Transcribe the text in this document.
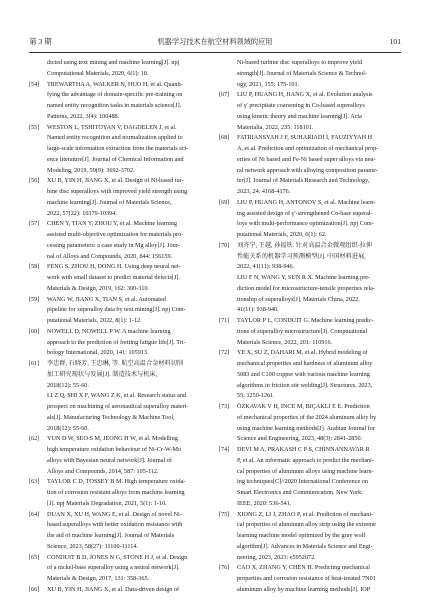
第 3 期	机器学习技术在航空材料领域的应用	101
dicted using text mining and machine learning[J]. npj
Computational Materials, 2020, 6(1): 18.
[54]	TREWARTHA A, WALKER N, HUO H, et al. Quanti-
fying the advantage of domain-specific pre-training on
named entity recognition tasks in materials science[J].
Patterns, 2022, 3(4): 100488.
[55]	WESTON L, TSHITOYAN V, DAGDELEN J, et al.
Named entity recognition and normalization applied to
large-scale information extraction from the materials sci-
ence literature[J]. Journal of Chemical Information and
Modeling, 2019, 59(9): 3692-3702.
[56]	XU B, YIN H, JIANG X, et al. Design of Ni-based tur-
bine disc superalloys with improved yield strength using
machine learning[J]. Journal of Materials Science,
2022, 57(22): 10379-10394.
[57]	CHEN Y, TIAN Y, ZHOU Y, et al. Machine learning
assisted multi-objective optimization for materials pro-
cessing parameters: a case study in Mg alloy[J]. Jour-
nal of Alloys and Compounds, 2020, 844: 156159.
[58]	FENG S, ZHOU H, DONG H. Using deep neural net-
work with small dataset to predict material defects[J].
Materials & Design, 2019, 162: 300-310.
[59]	WANG W, JIANG X, TIAN S, et al. Automated
pipeline for superalloy data by text mining[J]. npj Com-
putational Materials, 2022, 8(1): 1-12.
[60]	NOWELL D, NOWELL P W. A machine learning
approach to the prediction of fretting fatigue life[J]. Tri-
bology International, 2020, 141: 105913.
[61]	李忠群, 石晓芳, 王忠琳, 等. 航空高温合金材料切削
加工研究现状与发展[J]. 制造技术与机床,
2018(12): 55-60.
LI Z Q, SHI X F, WANG Z K, et al. Research status and
prospect on machining of aeronautical superalloy materi-
als[J]. Manufacturing Technology & Machine Tool,
2018(12): 55-60.
[62]	YUN D W, SEO S M, JEONG H W, et al. Modelling
high temperature oxidation behaviour of Ni-Cr-W-Mo
alloys with Bayesian neural network[J]. Journal of
Alloys and Compounds, 2014, 587: 105-112.
[63]	TAYLOR C D, TOSSEY B M. High temperature oxida-
tion of corrosion resistant alloys from machine learning
[J]. npj Materials Degradation, 2021, 5(1): 1-10.
[64]	DUAN X, XU H, WANG E, et al. Design of novel Ni-
based superalloys with better oxidation resistance with
the aid of machine learning[J]. Journal of Materials
Science, 2023, 58(27): 11100-11114.
[65]	CONDUIT B D, JONES N G, STONE H J, et al. Design
of a nickel-base superalloy using a neural network[J].
Materials & Design, 2017, 131: 358-365.
[66]	XU B, YIN H, JIANG X, et al. Data-driven design of
Ni-based turbine disc superalloys to improve yield
strength[J]. Journal of Materials Science & Technol-
ogy, 2023, 155: 175-191.
[67]	LIU P, HUANG H, JIANG X, et al. Evolution analysis
of γ′ precipitate coarsening in Co-based superalloys
using kinetic theory and machine learning[J]. Acta
Materialia, 2022, 235: 118101.
[68]	FATRIANSYAH J F, SUHARIADI I, FAUZIYYAH H
A, et al. Prediction and optimization of mechanical prop-
erties of Ni based and Fe-Ni based super alloys via neu-
ral network approach with alloying composition parame-
ter[J]. Journal of Materials Research and Technology,
2023, 24: 4168-4176.
[69]	LIU P, HUANG H, ANTONOV S, et al. Machine learn-
ing assisted design of γ′-strengthened Co-base superal-
loys with multi-performance optimization[J]. npj Com-
putational Materials, 2020, 6(1): 62.
[70]	刘齐宁, 王越, 孙福铁. 针对高温合金微观组织-拉伸
性能关系的机器学习预测模型[J]. 中国材料进展,
2022, 41(11): 938-946.
LIU F N, WANG Y, SUN R X. Machine learning pre-
diction model for microstructure-tensile properties rela-
tionship of superalloys[J]. Materials China, 2022,
41(11): 938-946.
[71]	TAYLOR P L, CONDUIT G. Machine learning predic-
tions of superalloy microstructure[J]. Computational
Materials Science, 2022, 201: 110916.
[72]	YE X, SU Z, DAHARI M, et al. Hybrid modeling of
mechanical properties and hardness of aluminum alloy
5083 and C100 copper with various machine learning
algorithms in friction stir welding[J]. Structures, 2023,
55: 1250-1261.
[73]	ÖZKAVAK V H, İNCE M, BIÇAKLI E E. Prediction
of mechanical properties of the 2024 aluminum alloy by
using machine learning methods[J]. Arabian Journal for
Science and Engineering, 2023, 48(3): 2841-2850.
[74]	DEVI M A, PRAKASH C P S, CHINNANNAVAR R
P, et al. An informatic approach to predict the mechani-
cal properties of aluminum alloys using machine learn-
ing techniques[C]//2020 International Conference on
Smart Electronics and Communication. New York:
IEEE, 2020: 536-541.
[75]	XIONG Z, LI J, ZHAO P, et al. Prediction of mechani-
cal properties of aluminum alloy strip using the extreme
learning machine model optimized by the gray wolf
algorithm[J]. Advances in Materials Science and Engi-
neering, 2023, 2023: e5952072.
[76]	CAO X, ZHANG Y, CHEN H. Predicting mechanical
properties and corrosion resistance of heat-treated 7N01
aluminum alloy by machine learning methods[J]. IOP
